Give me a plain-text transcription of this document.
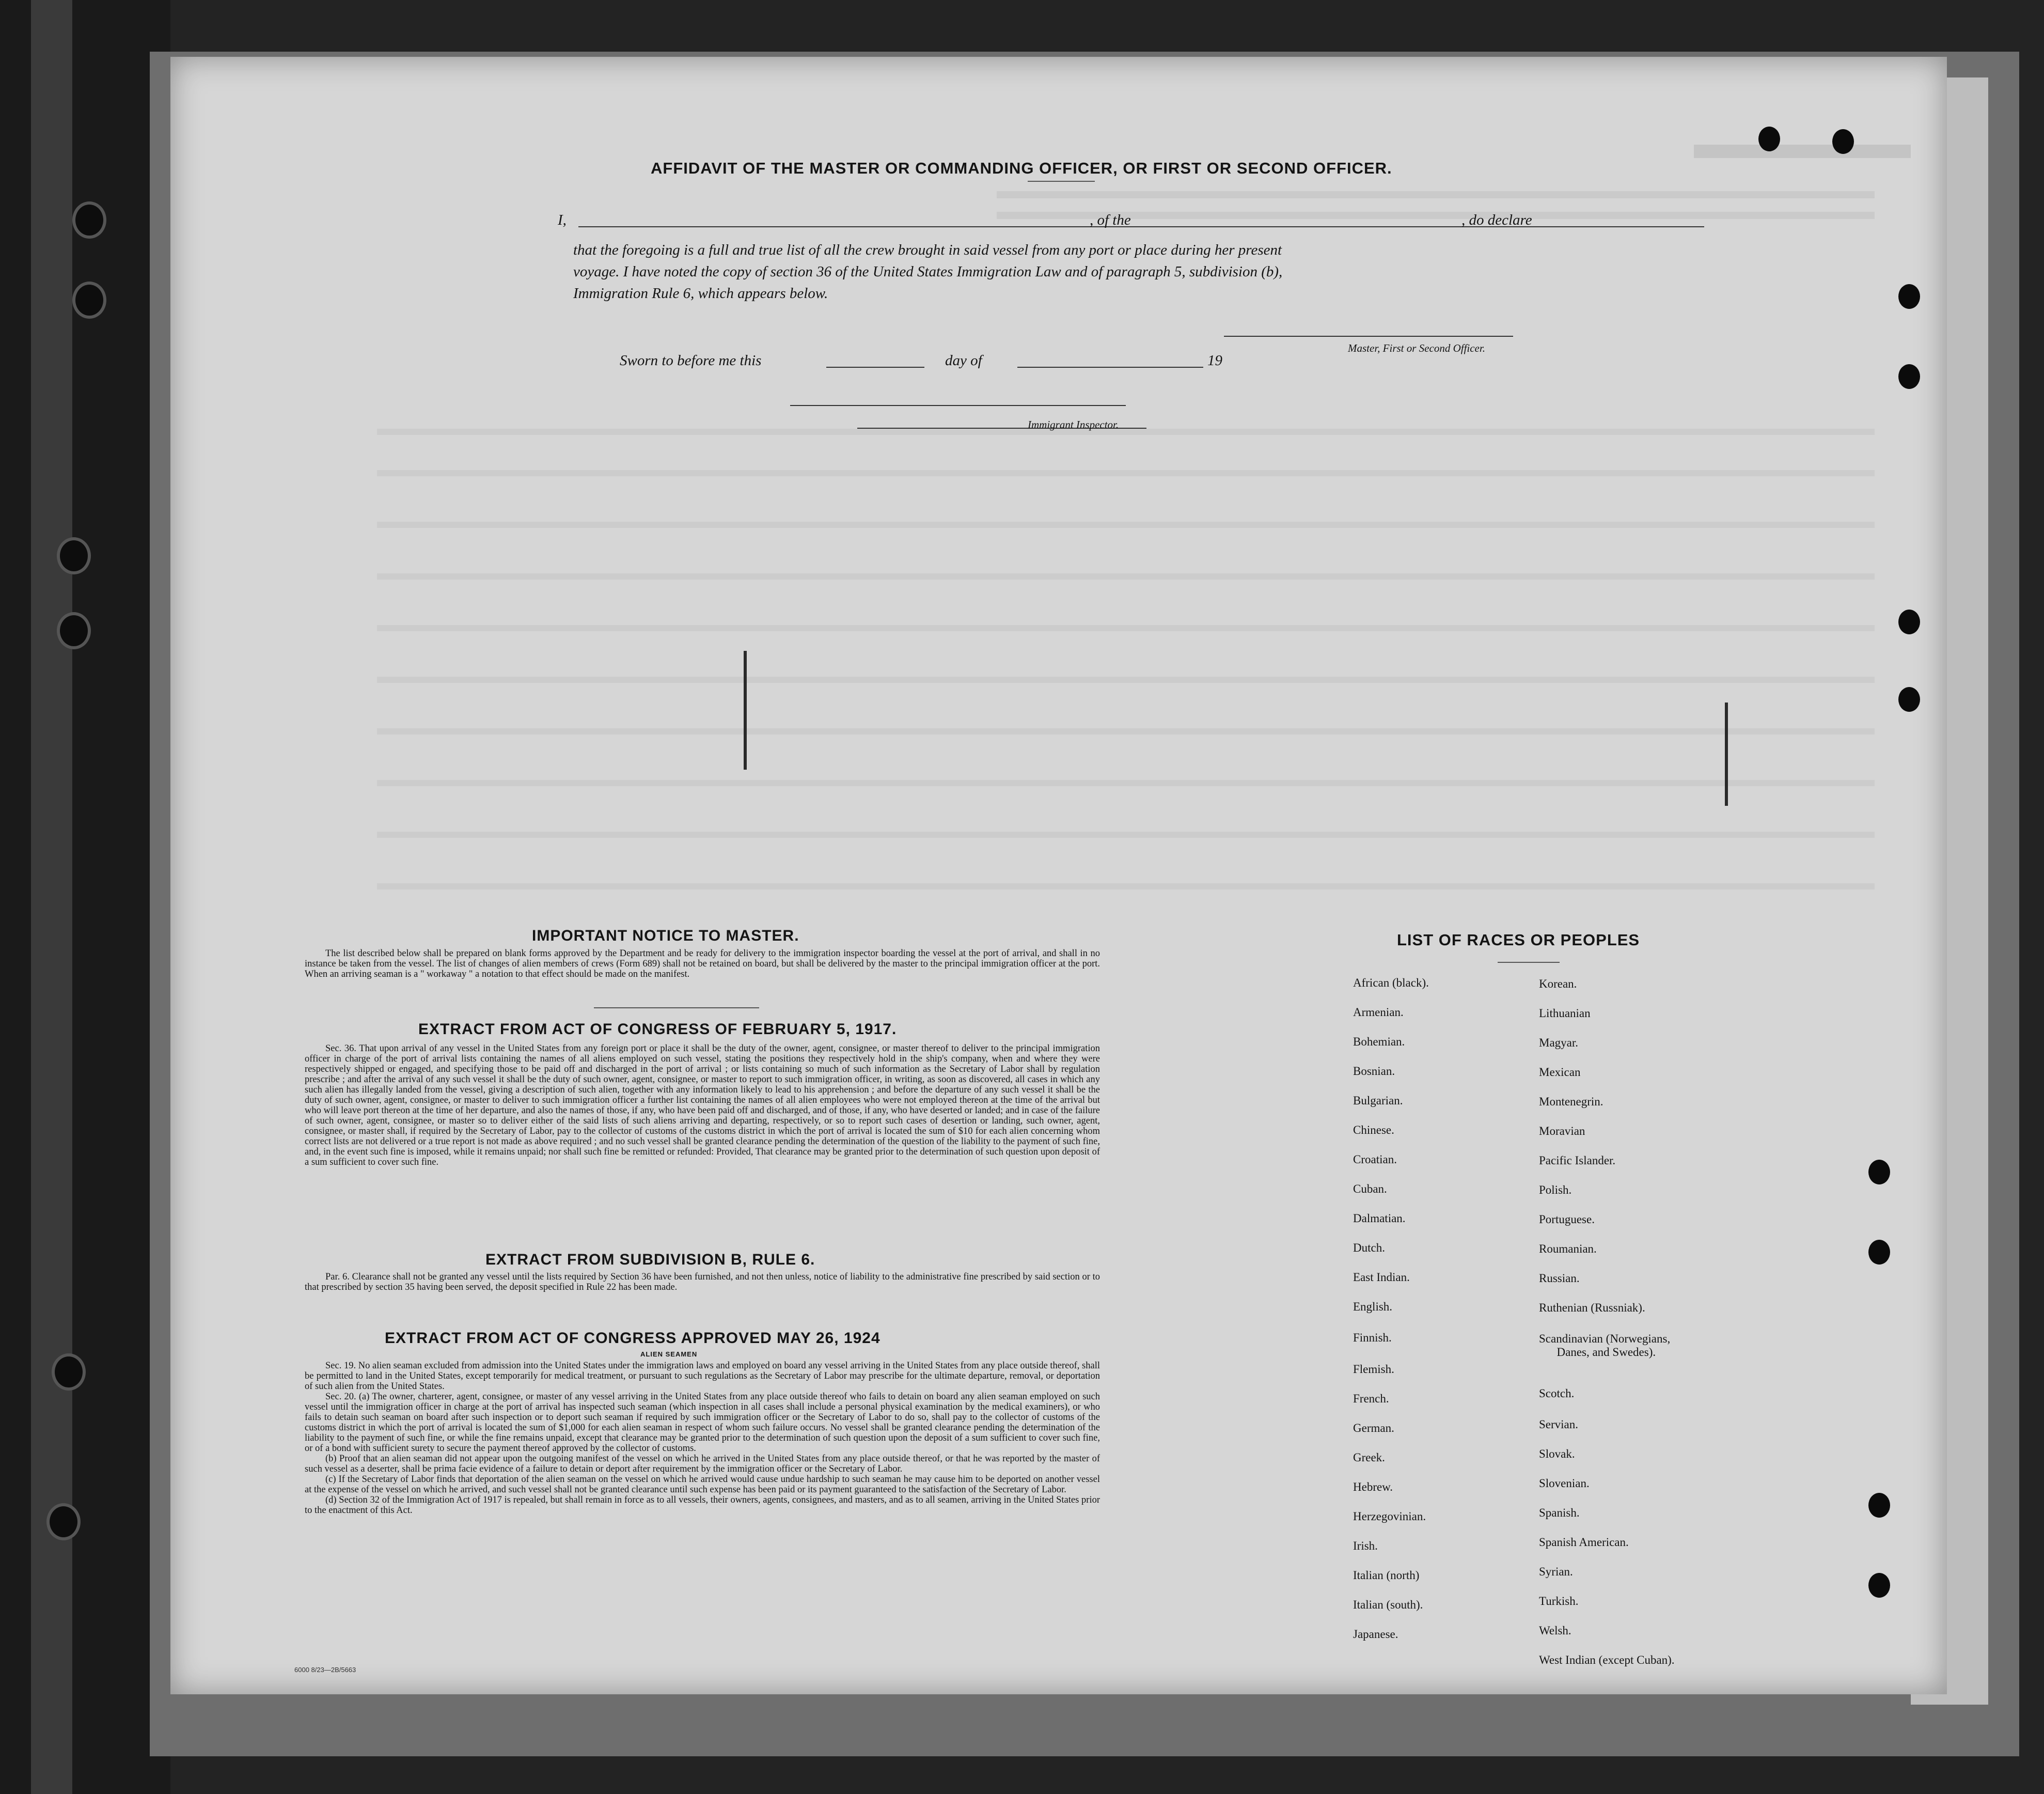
AFFIDAVIT OF THE MASTER OR COMMANDING OFFICER, OR FIRST OR SECOND OFFICER.
I,	, of the	, do declare
that the foregoing is a full and true list of all the crew brought in said vessel from any port or place during her present
voyage. I have noted the copy of section 36 of the United States Immigration Law and of paragraph 5, subdivision (b),
Immigration Rule 6, which appears below.
Master, First or Second Officer.
Sworn to before me this	day of	19
Immigrant Inspector.
IMPORTANT NOTICE TO MASTER.
The list described below shall be prepared on blank forms approved by the Department and be ready for delivery to the immigration inspector boarding the vessel at the port of arrival, and shall in no instance be taken from the vessel. The list of changes of alien members of crews (Form 689) shall not be retained on board, but shall be delivered by the master to the principal immigration officer at the port. When an arriving seaman is a " workaway " a notation to that effect should be made on the manifest.
EXTRACT FROM ACT OF CONGRESS OF FEBRUARY 5, 1917.
Sec. 36. That upon arrival of any vessel in the United States from any foreign port or place it shall be the duty of the owner, agent, consignee, or master thereof to deliver to the principal immigration officer in charge of the port of arrival lists containing the names of all aliens employed on such vessel, stating the positions they respectively hold in the ship's company, when and where they were respectively shipped or engaged, and specifying those to be paid off and discharged in the port of arrival ; or lists containing so much of such information as the Secretary of Labor shall by regulation prescribe ; and after the arrival of any such vessel it shall be the duty of such owner, agent, consignee, or master to report to such immigration officer, in writing, as soon as discovered, all cases in which any such alien has illegally landed from the vessel, giving a description of such alien, together with any information likely to lead to his apprehension ; and before the departure of any such vessel it shall be the duty of such owner, agent, consignee, or master to deliver to such immigration officer a further list containing the names of all alien employees who were not employed thereon at the time of the arrival but who will leave port thereon at the time of her departure, and also the names of those, if any, who have been paid off and discharged, and of those, if any, who have deserted or landed; and in case of the failure of such owner, agent, consignee, or master so to deliver either of the said lists of such aliens arriving and departing, respectively, or so to report such cases of desertion or landing, such owner, agent, consignee, or master shall, if required by the Secretary of Labor, pay to the collector of customs of the customs district in which the port of arrival is located the sum of $10 for each alien concerning whom correct lists are not delivered or a true report is not made as above required ; and no such vessel shall be granted clearance pending the determination of the question of the liability to the payment of such fine, and, in the event such fine is imposed, while it remains unpaid; nor shall such fine be remitted or refunded: Provided, That clearance may be granted prior to the determination of such question upon deposit of a sum sufficient to cover such fine.
EXTRACT FROM SUBDIVISION B, RULE 6.
Par. 6. Clearance shall not be granted any vessel until the lists required by Section 36 have been furnished, and not then unless, notice of liability to the administrative fine prescribed by said section or to that prescribed by section 35 having been served, the deposit specified in Rule 22 has been made.
EXTRACT FROM ACT OF CONGRESS APPROVED MAY 26, 1924
ALIEN SEAMEN
Sec. 19. No alien seaman excluded from admission into the United States under the immigration laws and employed on board any vessel arriving in the United States from any place outside thereof, shall be permitted to land in the United States, except temporarily for medical treatment, or pursuant to such regulations as the Secretary of Labor may prescribe for the ultimate departure, removal, or deportation of such alien from the United States.
Sec. 20. (a) The owner, charterer, agent, consignee, or master of any vessel arriving in the United States from any place outside thereof who fails to detain on board any alien seaman employed on such vessel until the immigration officer in charge at the port of arrival has inspected such seaman (which inspection in all cases shall include a personal physical examination by the medical examiners), or who fails to detain such seaman on board after such inspection or to deport such seaman if required by such immigration officer or the Secretary of Labor to do so, shall pay to the collector of customs of the customs district in which the port of arrival is located the sum of $1,000 for each alien seaman in respect of whom such failure occurs. No vessel shall be granted clearance pending the determination of the liability to the payment of such fine, or while the fine remains unpaid, except that clearance may be granted prior to the determination of such question upon the deposit of a sum sufficient to cover such fine, or of a bond with sufficient surety to secure the payment thereof approved by the collector of customs.
(b) Proof that an alien seaman did not appear upon the outgoing manifest of the vessel on which he arrived in the United States from any place outside thereof, or that he was reported by the master of such vessel as a deserter, shall be prima facie evidence of a failure to detain or deport after requirement by the immigration officer or the Secretary of Labor.
(c) If the Secretary of Labor finds that deportation of the alien seaman on the vessel on which he arrived would cause undue hardship to such seaman he may cause him to be deported on another vessel at the expense of the vessel on which he arrived, and such vessel shall not be granted clearance until such expense has been paid or its payment guaranteed to the satisfaction of the Secretary of Labor.
(d) Section 32 of the Immigration Act of 1917 is repealed, but shall remain in force as to all vessels, their owners, agents, consignees, and masters, and as to all seamen, arriving in the United States prior to the enactment of this Act.
LIST OF RACES OR PEOPLES
African (black).
Armenian.
Bohemian.
Bosnian.
Bulgarian.
Chinese.
Croatian.
Cuban.
Dalmatian.
Dutch.
East Indian.
English.
Finnish.
Flemish.
French.
German.
Greek.
Hebrew.
Herzegovinian.
Irish.
Italian (north)
Italian (south).
Japanese.
Korean.
Lithuanian
Magyar.
Mexican
Montenegrin.
Moravian
Pacific Islander.
Polish.
Portuguese.
Roumanian.
Russian.
Ruthenian (Russniak).
Scandinavian (Norwegians,
Danes, and Swedes).
Scotch.
Servian.
Slovak.
Slovenian.
Spanish.
Spanish American.
Syrian.
Turkish.
Welsh.
West Indian (except Cuban).
6000 8/23—2B/5663
